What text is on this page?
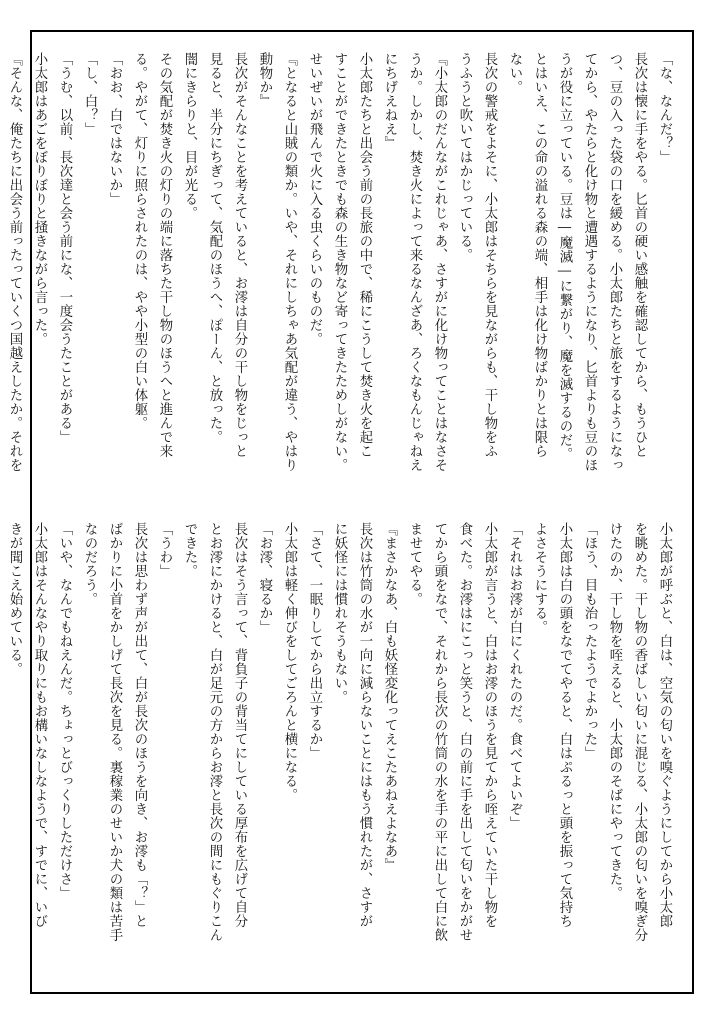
「な、なんだ？」
長次は懐に手をやる。匕首の硬い感触を確認してから、もうひと
つ、豆の入った袋の口を緩める。小太郎たちと旅をするようになっ
てから、やたらと化け物と遭遇するようになり、匕首よりも豆のほ
うが役に立っている。豆は―魔滅―に繋がり、魔を滅するのだ。
とはいえ、この命の溢れる森の端、相手は化け物ばかりとは限ら
ない。
長次の警戒をよそに、小太郎はそちらを見ながらも、干し物をふ
うふうと吹いてはかじっている。
『小太郎のだんながこれじゃあ、さすがに化け物ってことはなさそ
うか。しかし、焚き火によって来るなんざあ、ろくなもんじゃねえ
にちげえねえ』
小太郎たちと出会う前の長旅の中で、稀にこうして焚き火を起こ
すことができたときでも森の生き物など寄ってきたためしがない。
せいぜいが飛んで火に入る虫くらいのものだ。
『となると山賊の類か。いや、それにしちゃあ気配が違う、やはり
動物か』
長次がそんなことを考えていると、お澪は自分の干し物をじっと
見ると、半分にちぎって、気配のほうへ、ぽーん、と放った。
闇にきらりと、目が光る。
その気配が焚き火の灯りの端に落ちた干し物のほうへと進んで来
る。やがて、灯りに照らされたのは、やや小型の白い体躯。
「おお、白ではないか」
「し、白？」
「うむ、以前、長次達と会う前にな、一度会うたことがある」
小太郎はあごをぼりぼりと掻きながら言った。
『そんな、俺たちに出会う前ったっていくつ国越えしたか。それを
小太郎が呼ぶと、白は、空気の匂いを嗅ぐようにしてから小太郎
を眺めた。干し物の香ばしい匂いに混じる、小太郎の匂いを嗅ぎ分
けたのか、干し物を咥えると、小太郎のそばにやってきた。
「ほう、目も治ったようでよかった」
小太郎は白の頭をなでてやると、白はぷるっと頭を振って気持ち
よさそうにする。
「それはお澪が白にくれたのだ。食べてよいぞ」
小太郎が言うと、白はお澪のほうを見てから咥えていた干し物を
食べた。お澪はにこっと笑うと、白の前に手を出して匂いをかがせ
てから頭をなで、それから長次の竹筒の水を手の平に出して白に飲
ませてやる。
『まさかなあ、白も妖怪変化ってえこたあねえよなあ』
長次は竹筒の水が一向に減らないことにはもう慣れたが、さすが
に妖怪には慣れそうもない。
「さて、一眠りしてから出立するか」
小太郎は軽く伸びをしてごろんと横になる。
「お澪、寝るか」
長次はそう言って、背負子の背当てにしている厚布を広げて自分
とお澪にかけると、白が足元の方からお澪と長次の間にもぐりこん
できた。
「うわ」
長次は思わず声が出て、白が長次のほうを向き、お澪も「？」と
ばかりに小首をかしげて長次を見る。裏稼業のせいか犬の類は苦手
なのだろう。
「いや、なんでもねえんだ。ちょっとびっくりしただけさ」
小太郎はそんなやり取りにもお構いなしなようで、すでに、いび
きが聞こえ始めている。
